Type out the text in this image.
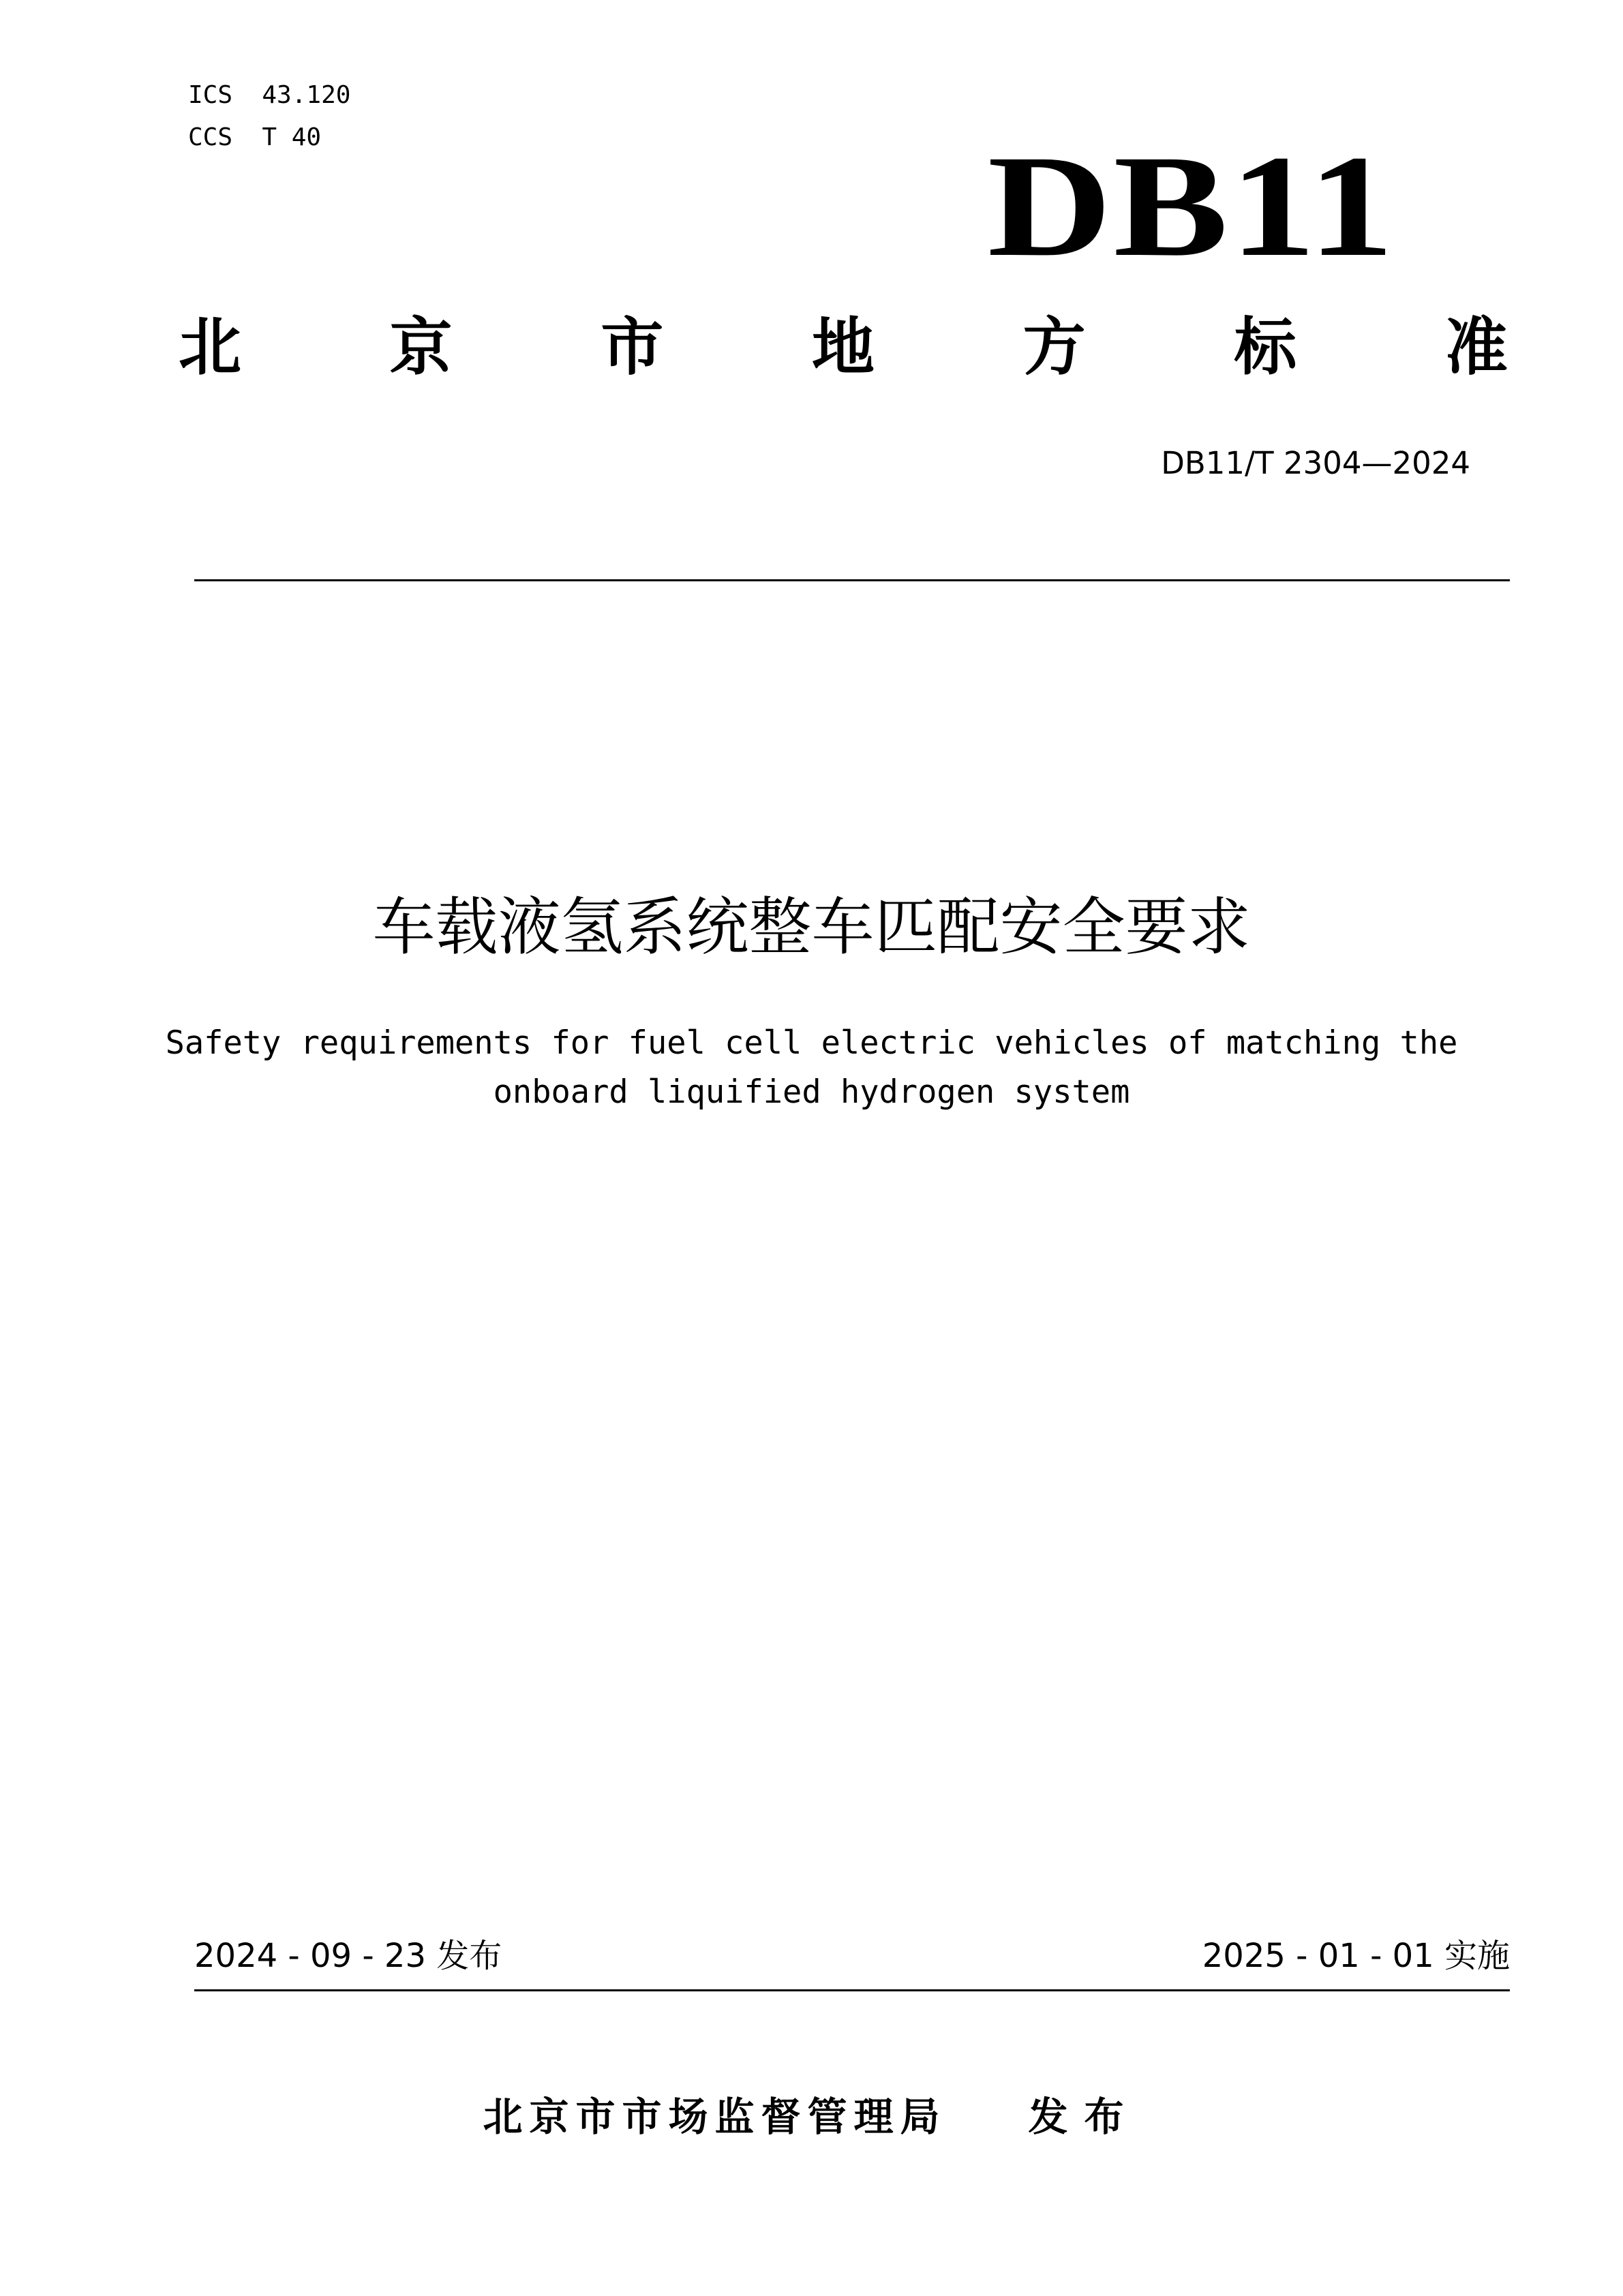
ICS  43.120
CCS  T 40	DB11
北 京 市 地 方 标 准
DB11/T 2304—2024
车载液氢系统整车匹配安全要求
Safety requirements for fuel cell electric vehicles of matching the
onboard liquified hydrogen system
2024 - 09 - 23 发布	2025 - 01 - 01 实施
北京市市场监督管理局 发布
